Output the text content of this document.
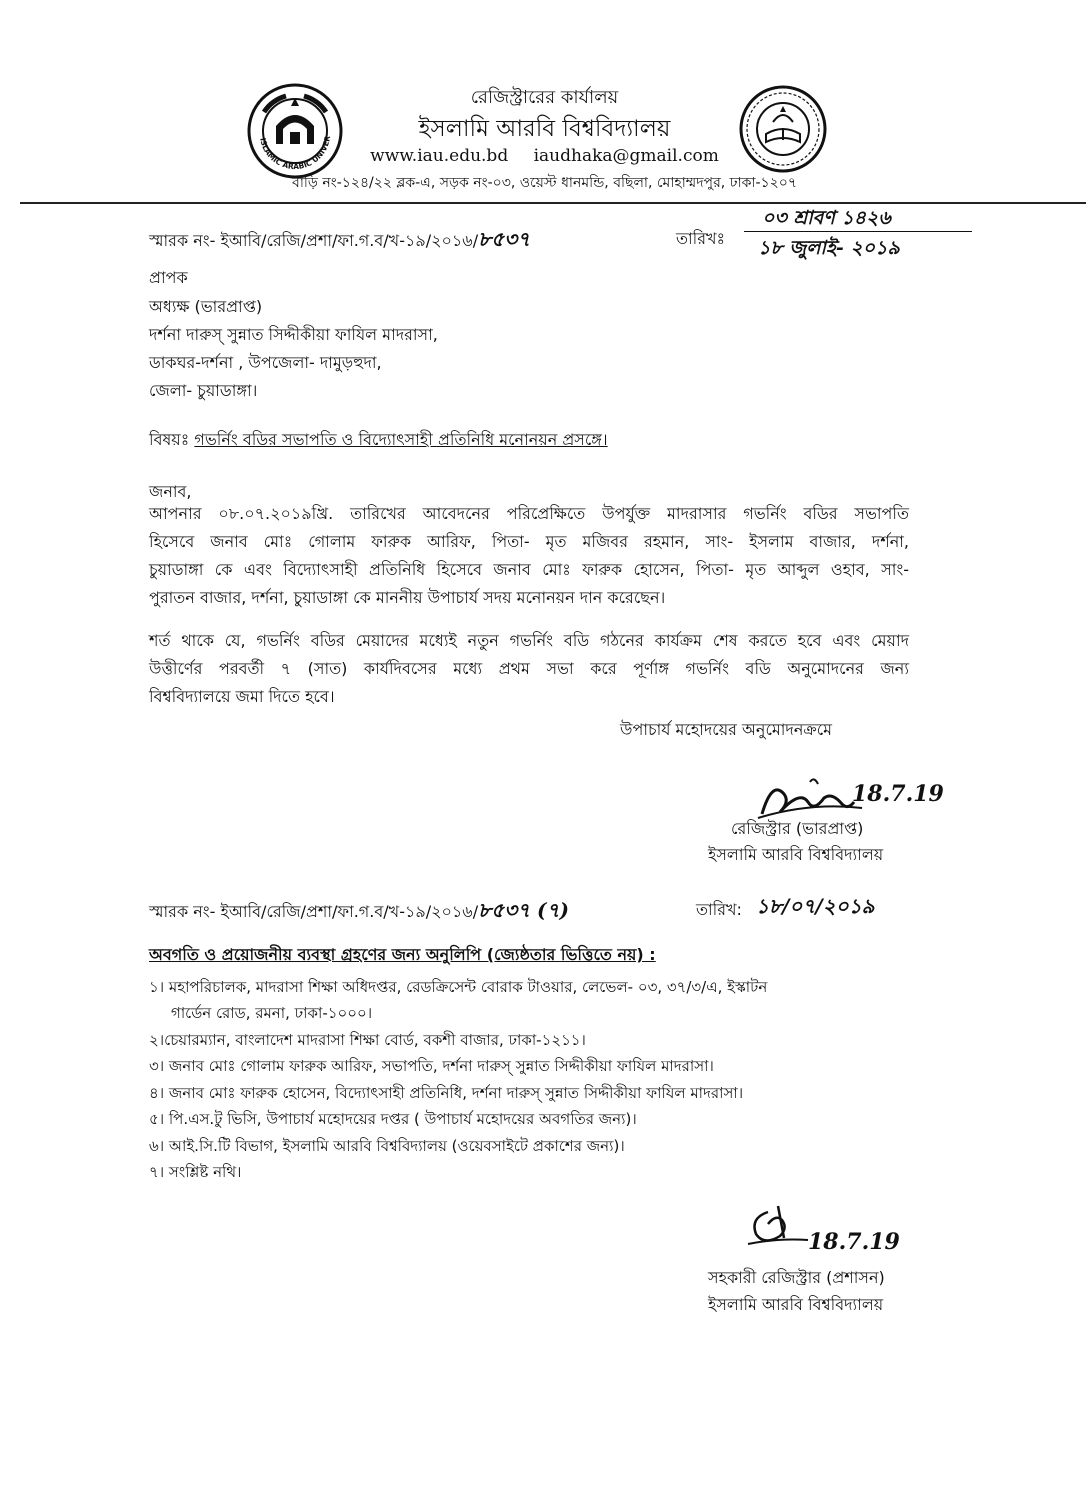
ISLAMIC ARABIC UNIVER
রেজিস্ট্রারের কার্যালয়
ইসলামি আরবি বিশ্ববিদ্যালয়
www.iau.edu.bd iaudhaka@gmail.com
বাড়ি নং-১২৪/২২ ব্লক-এ, সড়ক নং-০৩, ওয়েস্ট ধানমন্ডি, বছিলা, মোহাম্মদপুর, ঢাকা-১২০৭
স্মারক নং- ইআবি/রেজি/প্রশা/ফা.গ.ব/খ-১৯/২০১৬/৮৫৩৭	তারিখঃ
০৩ শ্রাবণ ১৪২৬
১৮ জুলাই- ২০১৯
প্রাপক
অধ্যক্ষ (ভারপ্রাপ্ত)
দর্শনা দারুস্ সুন্নাত সিদ্দীকীয়া ফাযিল মাদরাসা,
ডাকঘর-দর্শনা , উপজেলা- দামুড়হুদা,
জেলা- চুয়াডাঙ্গা।
বিষয়ঃ গভর্নিং বডির সভাপতি ও বিদ্যোৎসাহী প্রতিনিধি মনোনয়ন প্রসঙ্গে।
জনাব,
আপনার ০৮.০৭.২০১৯খ্রি. তারিখের আবেদনের পরিপ্রেক্ষিতে উপর্যুক্ত মাদরাসার গভর্নিং বডির সভাপতি
হিসেবে জনাব মোঃ গোলাম ফারুক আরিফ, পিতা- মৃত মজিবর রহমান, সাং- ইসলাম বাজার, দর্শনা,
চুয়াডাঙ্গা কে এবং বিদ্যোৎসাহী প্রতিনিধি হিসেবে জনাব মোঃ ফারুক হোসেন, পিতা- মৃত আব্দুল ওহাব, সাং-
পুরাতন বাজার, দর্শনা, চুয়াডাঙ্গা কে মাননীয় উপাচার্য সদয় মনোনয়ন দান করেছেন।
শর্ত থাকে যে, গভর্নিং বডির মেয়াদের মধ্যেই নতুন গভর্নিং বডি গঠনের কার্যক্রম শেষ করতে হবে এবং মেয়াদ
উত্তীর্ণের পরবর্তী ৭ (সাত) কার্যদিবসের মধ্যে প্রথম সভা করে পূর্ণাঙ্গ গভর্নিং বডি অনুমোদনের জন্য
বিশ্ববিদ্যালয়ে জমা দিতে হবে।
উপাচার্য মহোদয়ের অনুমোদনক্রমে
18.7.19
রেজিস্ট্রার (ভারপ্রাপ্ত)
ইসলামি আরবি বিশ্ববিদ্যালয়
স্মারক নং- ইআবি/রেজি/প্রশা/ফা.গ.ব/খ-১৯/২০১৬/৮৫৩৭ (৭)	তারিখ: ১৮/০৭/২০১৯
অবগতি ও প্রয়োজনীয় ব্যবস্থা গ্রহণের জন্য অনুলিপি (জ্যেষ্ঠতার ভিত্তিতে নয়) :
১। মহাপরিচালক, মাদরাসা শিক্ষা অধিদপ্তর, রেডক্রিসেন্ট বোরাক টাওয়ার, লেভেল- ০৩, ৩৭/৩/এ, ইস্কাটন
গার্ডেন রোড, রমনা, ঢাকা-১০০০।
২।চেয়ারম্যান, বাংলাদেশ মাদরাসা শিক্ষা বোর্ড, বকশী বাজার, ঢাকা-১২১১।
৩। জনাব মোঃ গোলাম ফারুক আরিফ, সভাপতি, দর্শনা দারুস্ সুন্নাত সিদ্দীকীয়া ফাযিল মাদরাসা।
৪। জনাব মোঃ ফারুক হোসেন, বিদ্যোৎসাহী প্রতিনিধি, দর্শনা দারুস্ সুন্নাত সিদ্দীকীয়া ফাযিল মাদরাসা।
৫। পি.এস.টু ভিসি, উপাচার্য মহোদয়ের দপ্তর ( উপাচার্য মহোদয়ের অবগতির জন্য)।
৬। আই.সি.টি বিভাগ, ইসলামি আরবি বিশ্ববিদ্যালয় (ওয়েবসাইটে প্রকাশের জন্য)।
৭। সংশ্লিষ্ট নথি।
18.7.19
সহকারী রেজিস্ট্রার (প্রশাসন)
ইসলামি আরবি বিশ্ববিদ্যালয়
